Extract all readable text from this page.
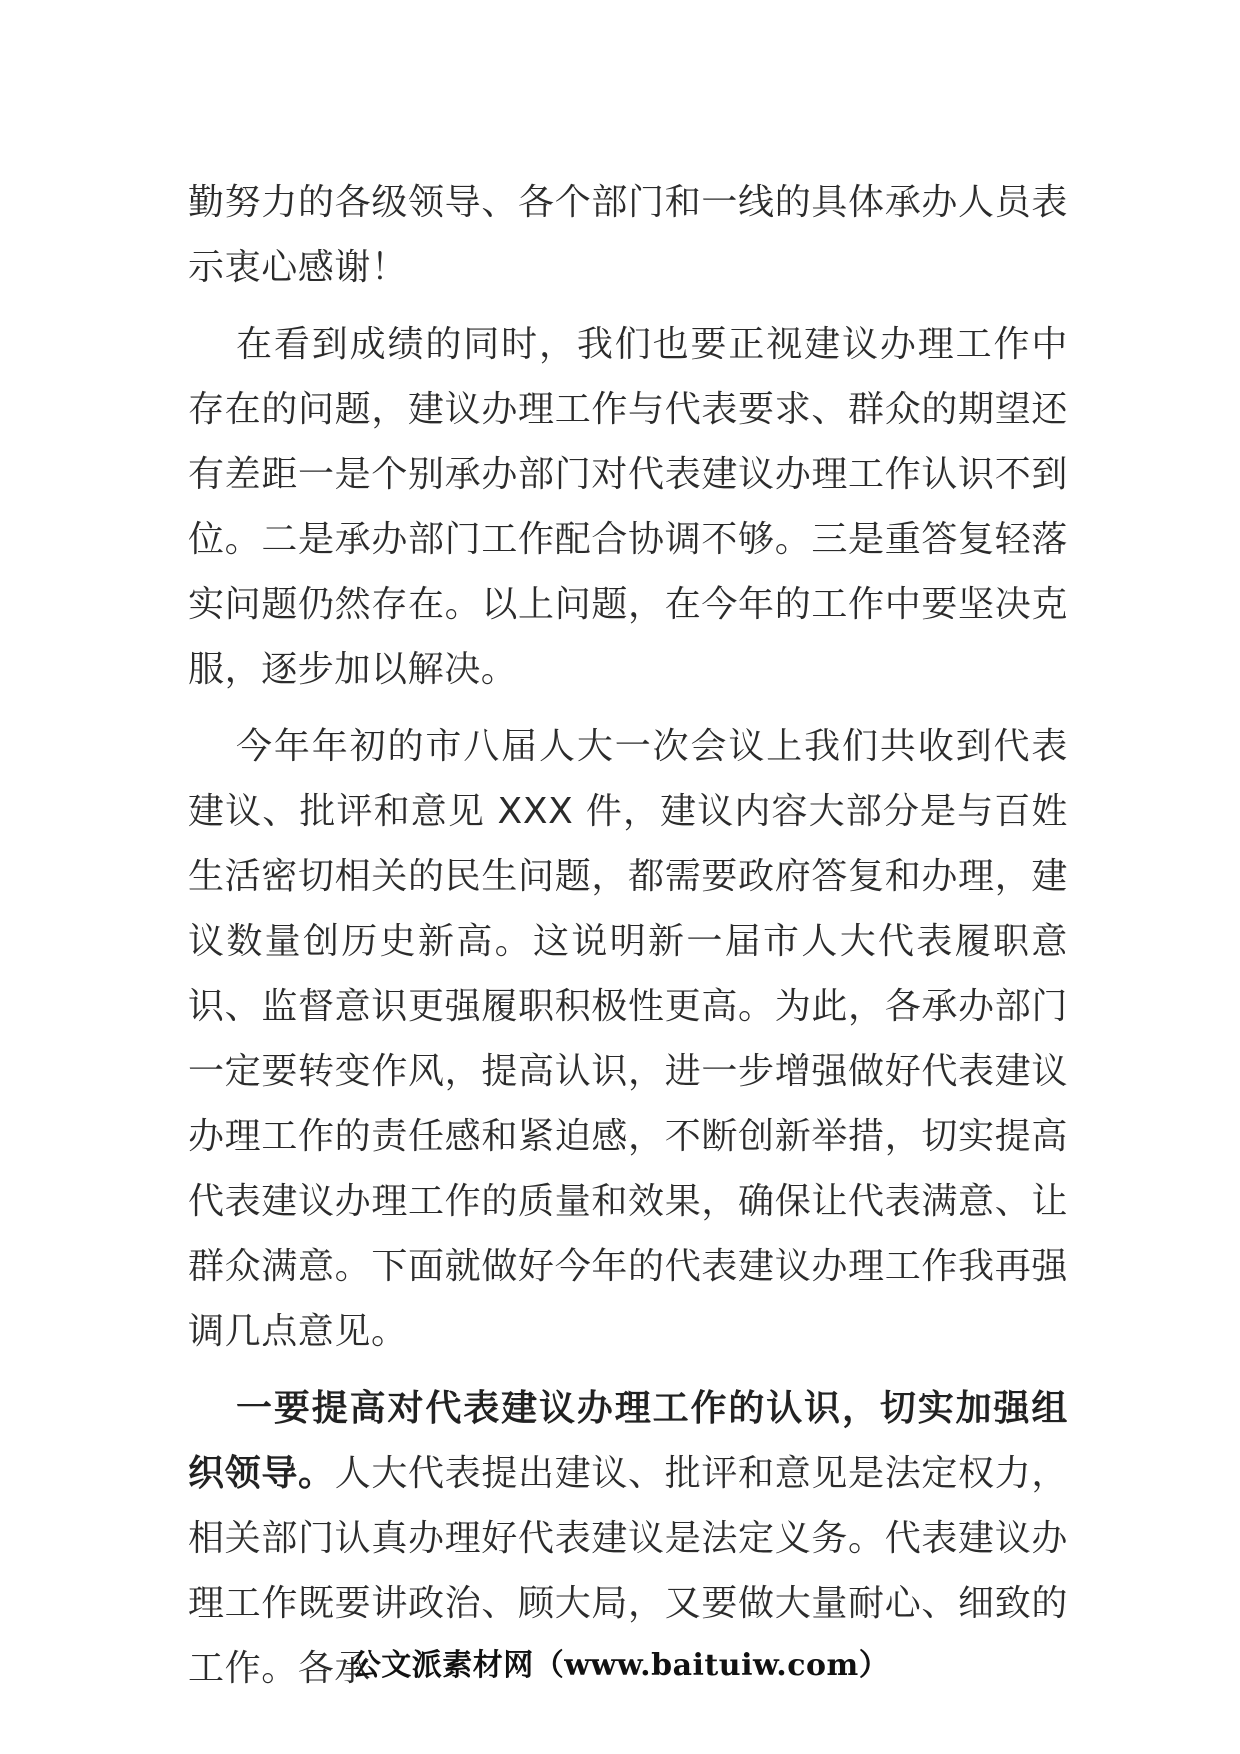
勤努力的各级领导、各个部门和一线的具体承办人员表示衷心感谢！

在看到成绩的同时，我们也要正视建议办理工作中存在的问题，建议办理工作与代表要求、群众的期望还有差距一是个别承办部门对代表建议办理工作认识不到位。二是承办部门工作配合协调不够。三是重答复轻落实问题仍然存在。以上问题，在今年的工作中要坚决克服，逐步加以解决。

今年年初的市八届人大一次会议上我们共收到代表建议、批评和意见 XXX 件，建议内容大部分是与百姓生活密切相关的民生问题，都需要政府答复和办理，建议数量创历史新高。这说明新一届市人大代表履职意识、监督意识更强履职积极性更高。为此，各承办部门一定要转变作风，提高认识，进一步增强做好代表建议办理工作的责任感和紧迫感，不断创新举措，切实提高代表建议办理工作的质量和效果，确保让代表满意、让群众满意。下面就做好今年的代表建议办理工作我再强调几点意见。

一要提高对代表建议办理工作的认识，切实加强组织领导。人大代表提出建议、批评和意见是法定权力，相关部门认真办理好代表建议是法定义务。代表建议办理工作既要讲政治、顾大局，又要做大量耐心、细致的工作。各承

公文派素材网（www.baituiw.com）
